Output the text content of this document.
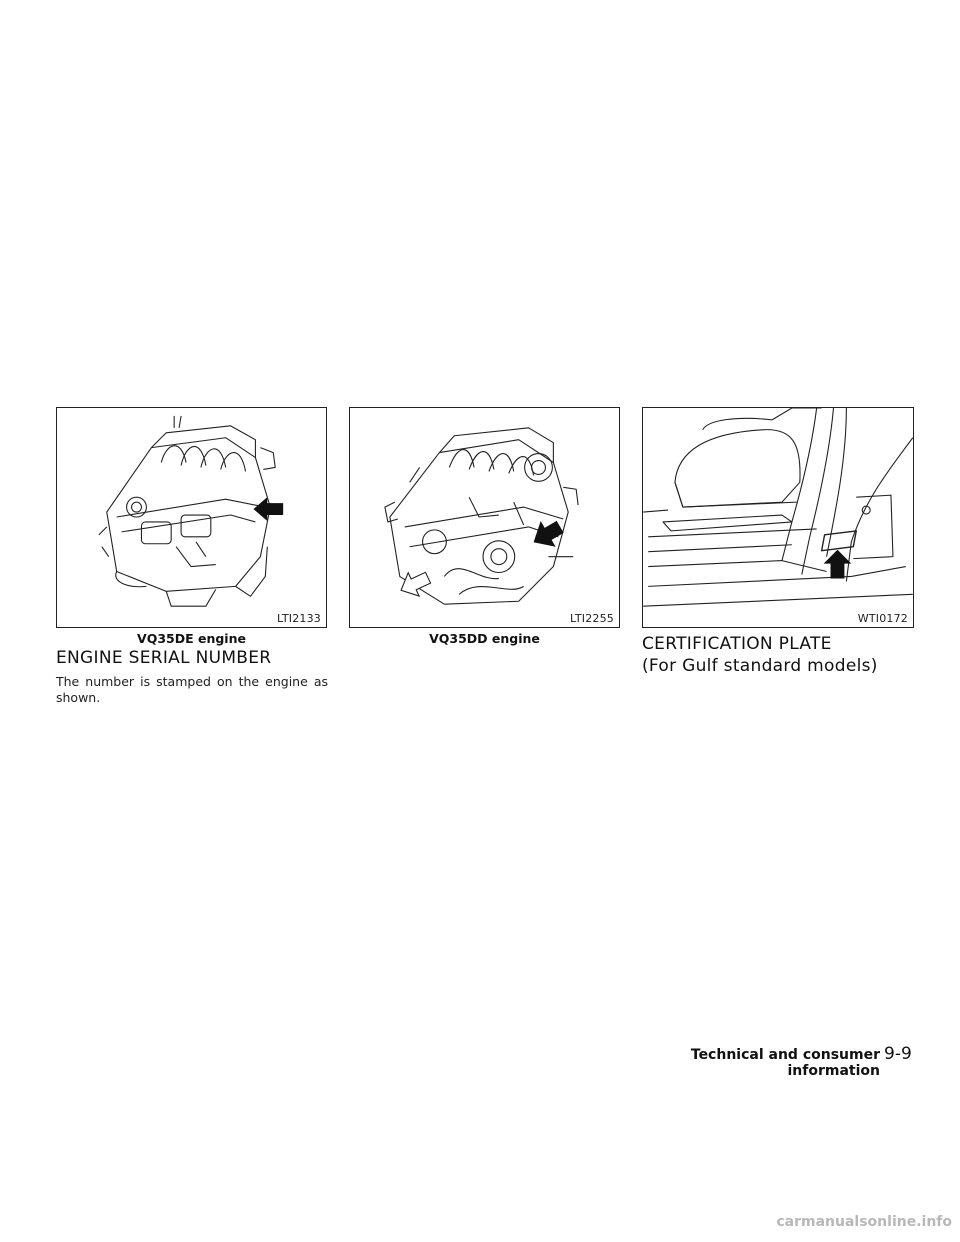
LTI2133
VQ35DE engine
LTI2255
VQ35DD engine
WTI0172
ENGINE SERIAL NUMBER
The number is stamped on the engine as shown.
CERTIFICATION PLATE
(For Gulf standard models)
Technical and consumer information
9-9
carmanualsonline.info
